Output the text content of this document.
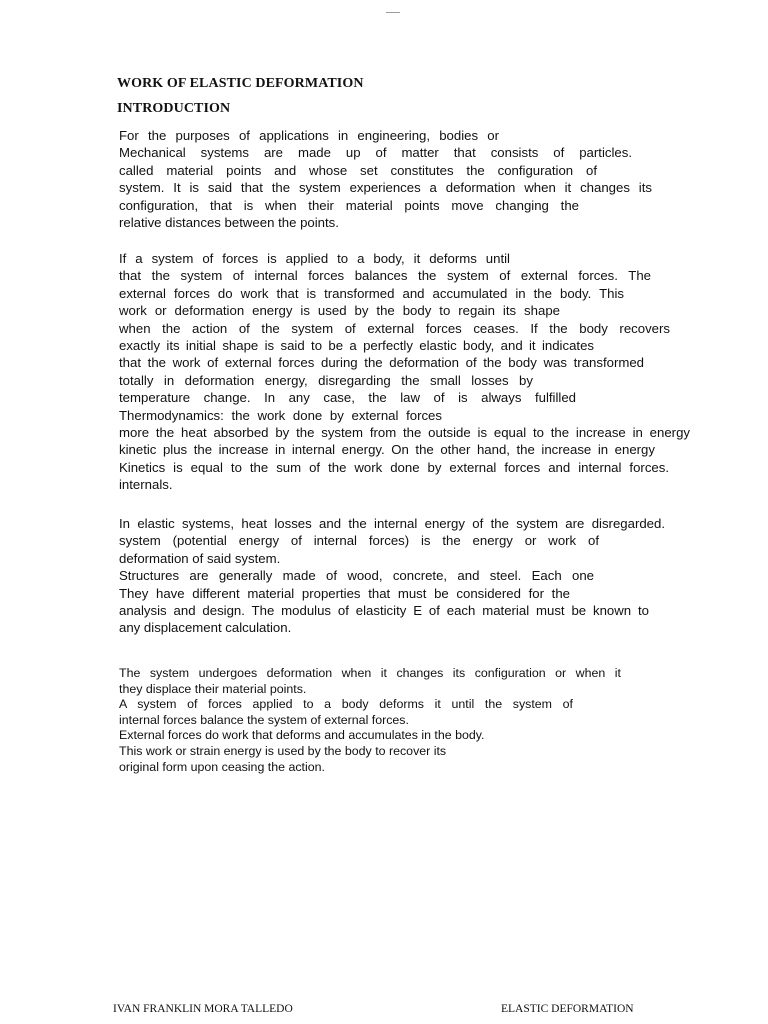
WORK OF ELASTIC DEFORMATION
INTRODUCTION
For the purposes of applications in engineering, bodies or
Mechanical systems are made up of matter that consists of particles.
called material points and whose set constitutes the configuration of
system. It is said that the system experiences a deformation when it changes its
configuration, that is when their material points move changing the
relative distances between the points.
If a system of forces is applied to a body, it deforms until
that the system of internal forces balances the system of external forces. The
external forces do work that is transformed and accumulated in the body. This
work or deformation energy is used by the body to regain its shape
when the action of the system of external forces ceases. If the body recovers
exactly its initial shape is said to be a perfectly elastic body, and it indicates
that the work of external forces during the deformation of the body was transformed
totally in deformation energy, disregarding the small losses by
temperature change. In any case, the law of is always fulfilled
Thermodynamics: the work done by external forces
more the heat absorbed by the system from the outside is equal to the increase in energy
kinetic plus the increase in internal energy. On the other hand, the increase in energy
Kinetics is equal to the sum of the work done by external forces and internal forces.
internals.
In elastic systems, heat losses and the internal energy of the system are disregarded.
system (potential energy of internal forces) is the energy or work of
deformation of said system.
Structures are generally made of wood, concrete, and steel. Each one
They have different material properties that must be considered for the
analysis and design. The modulus of elasticity E of each material must be known to
any displacement calculation.
The system undergoes deformation when it changes its configuration or when it
they displace their material points.
A system of forces applied to a body deforms it until the system of
internal forces balance the system of external forces.
External forces do work that deforms and accumulates in the body.
This work or strain energy is used by the body to recover its
original form upon ceasing the action.

IVAN FRANKLIN MORA TALLEDO	ELASTIC DEFORMATION
